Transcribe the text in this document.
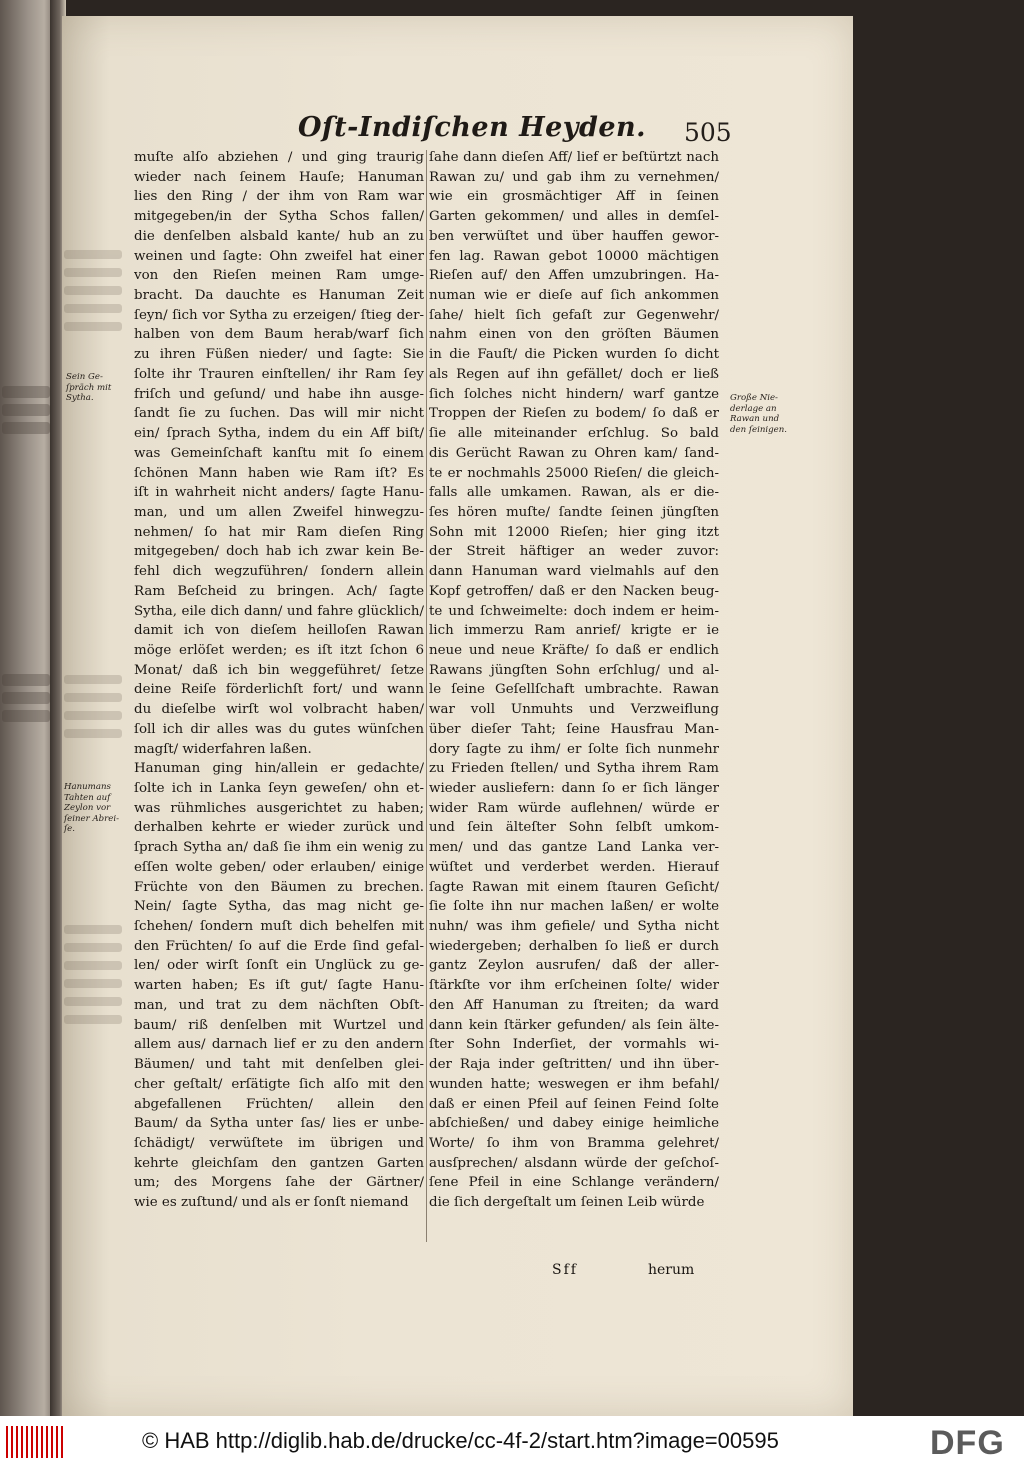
Oſt-Indiſchen Heyden. 505
muſte alſo abziehen / und ging traurig
wieder nach ſeinem Hauſe; Hanuman
lies den Ring / der ihm von Ram war
mitgegeben/in der Sytha Schos fallen/
die denſelben alsbald kante/ hub an zu
weinen und ſagte: Ohn zweifel hat einer
von den Rieſen meinen Ram umge-
bracht. Da dauchte es Hanuman Zeit
ſeyn/ ſich vor Sytha zu erzeigen/ ſtieg der-
halben von dem Baum herab/warf ſich
zu ihren Füßen nieder/ und ſagte: Sie
ſolte ihr Trauren einſtellen/ ihr Ram ſey
friſch und geſund/ und habe ihn ausge-
ſandt ſie zu ſuchen. Das will mir nicht
ein/ ſprach Sytha, indem du ein Aff biſt/
was Gemeinſchaft kanſtu mit ſo einem
ſchönen Mann haben wie Ram iſt? Es
iſt in wahrheit nicht anders/ ſagte Hanu-
man, und um allen Zweifel hinwegzu-
nehmen/ ſo hat mir Ram dieſen Ring
mitgegeben/ doch hab ich zwar kein Be-
fehl dich wegzuführen/ ſondern allein
Ram Beſcheid zu bringen. Ach/ ſagte
Sytha, eile dich dann/ und fahre glücklich/
damit ich von dieſem heilloſen Rawan
möge erlöſet werden; es iſt itzt ſchon 6
Monat/ daß ich bin weggeführet/ ſetze
deine Reiſe förderlichſt fort/ und wann
du dieſelbe wirſt wol volbracht haben/
ſoll ich dir alles was du gutes wünſchen
magſt/ widerfahren laßen.
Hanuman ging hin/allein er gedachte/
ſolte ich in Lanka ſeyn geweſen/ ohn et-
was rühmliches ausgerichtet zu haben;
derhalben kehrte er wieder zurück und
ſprach Sytha an/ daß ſie ihm ein wenig zu
eſſen wolte geben/ oder erlauben/ einige
Früchte von den Bäumen zu brechen.
Nein/ ſagte Sytha, das mag nicht ge-
ſchehen/ ſondern muſt dich behelfen mit
den Früchten/ ſo auf die Erde ſind gefal-
len/ oder wirſt ſonſt ein Unglück zu ge-
warten haben; Es iſt gut/ ſagte Hanu-
man, und trat zu dem nächſten Obſt-
baum/ riß denſelben mit Wurtzel und
allem aus/ darnach lief er zu den andern
Bäumen/ und taht mit denſelben glei-
cher geſtalt/ erſätigte ſich alſo mit den
abgefallenen Früchten/ allein den
Baum/ da Sytha unter ſas/ lies er unbe-
ſchädigt/ verwüſtete im übrigen und
kehrte gleichſam den gantzen Garten
um; des Morgens ſahe der Gärtner/
wie es zuſtund/ und als er ſonſt niemand
ſahe dann dieſen Aff/ lief er beſtürtzt nach
Rawan zu/ und gab ihm zu vernehmen/
wie ein grosmächtiger Aff in ſeinen
Garten gekommen/ und alles in demſel-
ben verwüſtet und über hauffen gewor-
fen lag. Rawan gebot 10000 mächtigen
Rieſen auf/ den Affen umzubringen. Ha-
numan wie er dieſe auf ſich ankommen
ſahe/ hielt ſich gefaſt zur Gegenwehr/
nahm einen von den gröſten Bäumen
in die Fauſt/ die Picken wurden ſo dicht
als Regen auf ihn gefället/ doch er ließ
ſich ſolches nicht hindern/ warf gantze
Troppen der Rieſen zu bodem/ ſo daß er
ſie alle miteinander erſchlug. So bald
dis Gerücht Rawan zu Ohren kam/ ſand-
te er nochmahls 25000 Rieſen/ die gleich-
falls alle umkamen. Rawan, als er die-
ſes hören muſte/ ſandte ſeinen jüngſten
Sohn mit 12000 Rieſen; hier ging itzt
der Streit häftiger an weder zuvor:
dann Hanuman ward vielmahls auf den
Kopf getroffen/ daß er den Nacken beug-
te und ſchweimelte: doch indem er heim-
lich immerzu Ram anrief/ krigte er ie
neue und neue Kräfte/ ſo daß er endlich
Rawans jüngſten Sohn erſchlug/ und al-
le ſeine Geſellſchaft umbrachte. Rawan
war voll Unmuhts und Verzweiflung
über dieſer Taht; ſeine Hausfrau Man-
dory ſagte zu ihm/ er ſolte ſich nunmehr
zu Frieden ſtellen/ und Sytha ihrem Ram
wieder ausliefern: dann ſo er ſich länger
wider Ram würde auflehnen/ würde er
und ſein älteſter Sohn ſelbſt umkom-
men/ und das gantze Land Lanka ver-
wüſtet und verderbet werden. Hierauf
ſagte Rawan mit einem ſtauren Geſicht/
ſie ſolte ihn nur machen laßen/ er wolte
nuhn/ was ihm gefiele/ und Sytha nicht
wiedergeben; derhalben ſo ließ er durch
gantz Zeylon ausrufen/ daß der aller-
ſtärkſte vor ihm erſcheinen ſolte/ wider
den Aff Hanuman zu ſtreiten; da ward
dann kein ſtärker gefunden/ als ſein älte-
ſter Sohn Inderſiet, der vormahls wi-
der Raja inder geſtritten/ und ihn über-
wunden hatte; weswegen er ihm befahl/
daß er einen Pfeil auf ſeinen Feind ſolte
abſchießen/ und dabey einige heimliche
Worte/ ſo ihm von Bramma gelehret/
ausſprechen/ alsdann würde der geſchoſ-
ſene Pfeil in eine Schlange verändern/
die ſich dergeſtalt um ſeinen Leib würde
Sein Ge-
ſpräch mit
Sytha.
Hanumans
Tahten auf
Zeylon vor
ſeiner Abrei-
ſe.
Große Nie-
derlage an
Rawan und
den ſeinigen.
Sff	herum
© HAB http://diglib.hab.de/drucke/cc-4f-2/start.htm?image=00595	DFG
